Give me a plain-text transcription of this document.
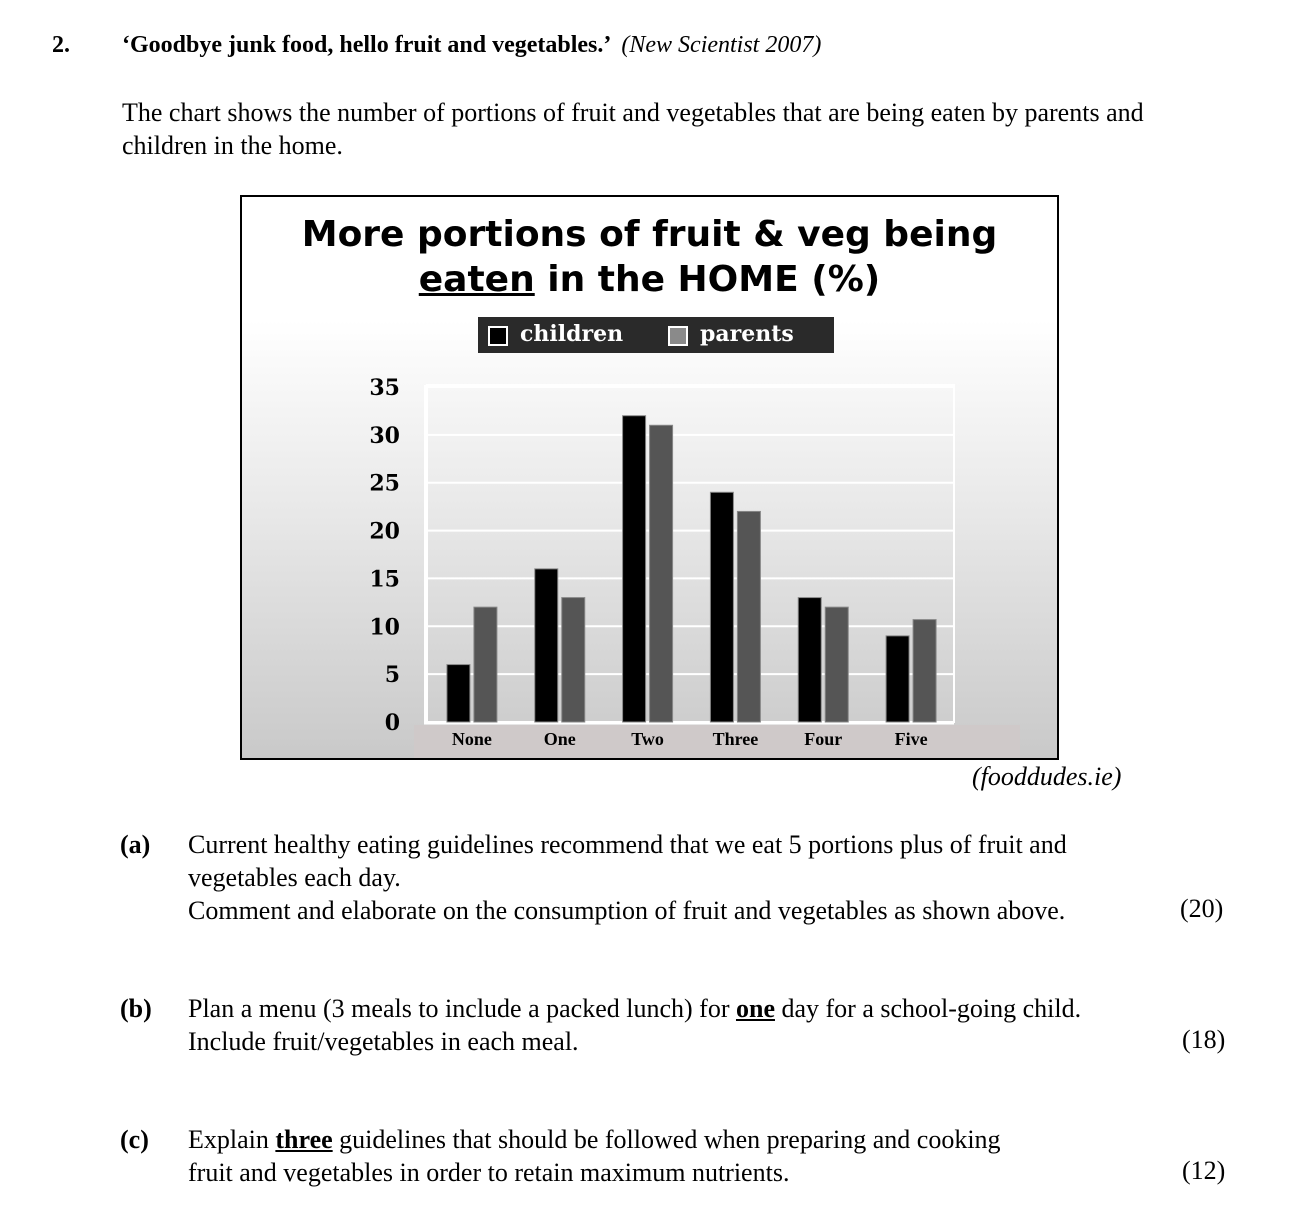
2. ‘Goodbye junk food, hello fruit and vegetables.’ (New Scientist 2007)
The chart shows the number of portions of fruit and vegetables that are being eaten by parents and children in the home.
More portions of fruit & veg being
eaten in the HOME (%)
children	parents
35
30
25
20
15
10
5
0
None	One	Two	Three	Four	Five
(fooddudes.ie)
(a) Current healthy eating guidelines recommend that we eat 5 portions plus of fruit and
vegetables each day.
Comment and elaborate on the consumption of fruit and vegetables as shown above.	(20)
(b) Plan a menu (3 meals to include a packed lunch) for one day for a school-going child.
Include fruit/vegetables in each meal.	(18)
(c) Explain three guidelines that should be followed when preparing and cooking
fruit and vegetables in order to retain maximum nutrients.	(12)
